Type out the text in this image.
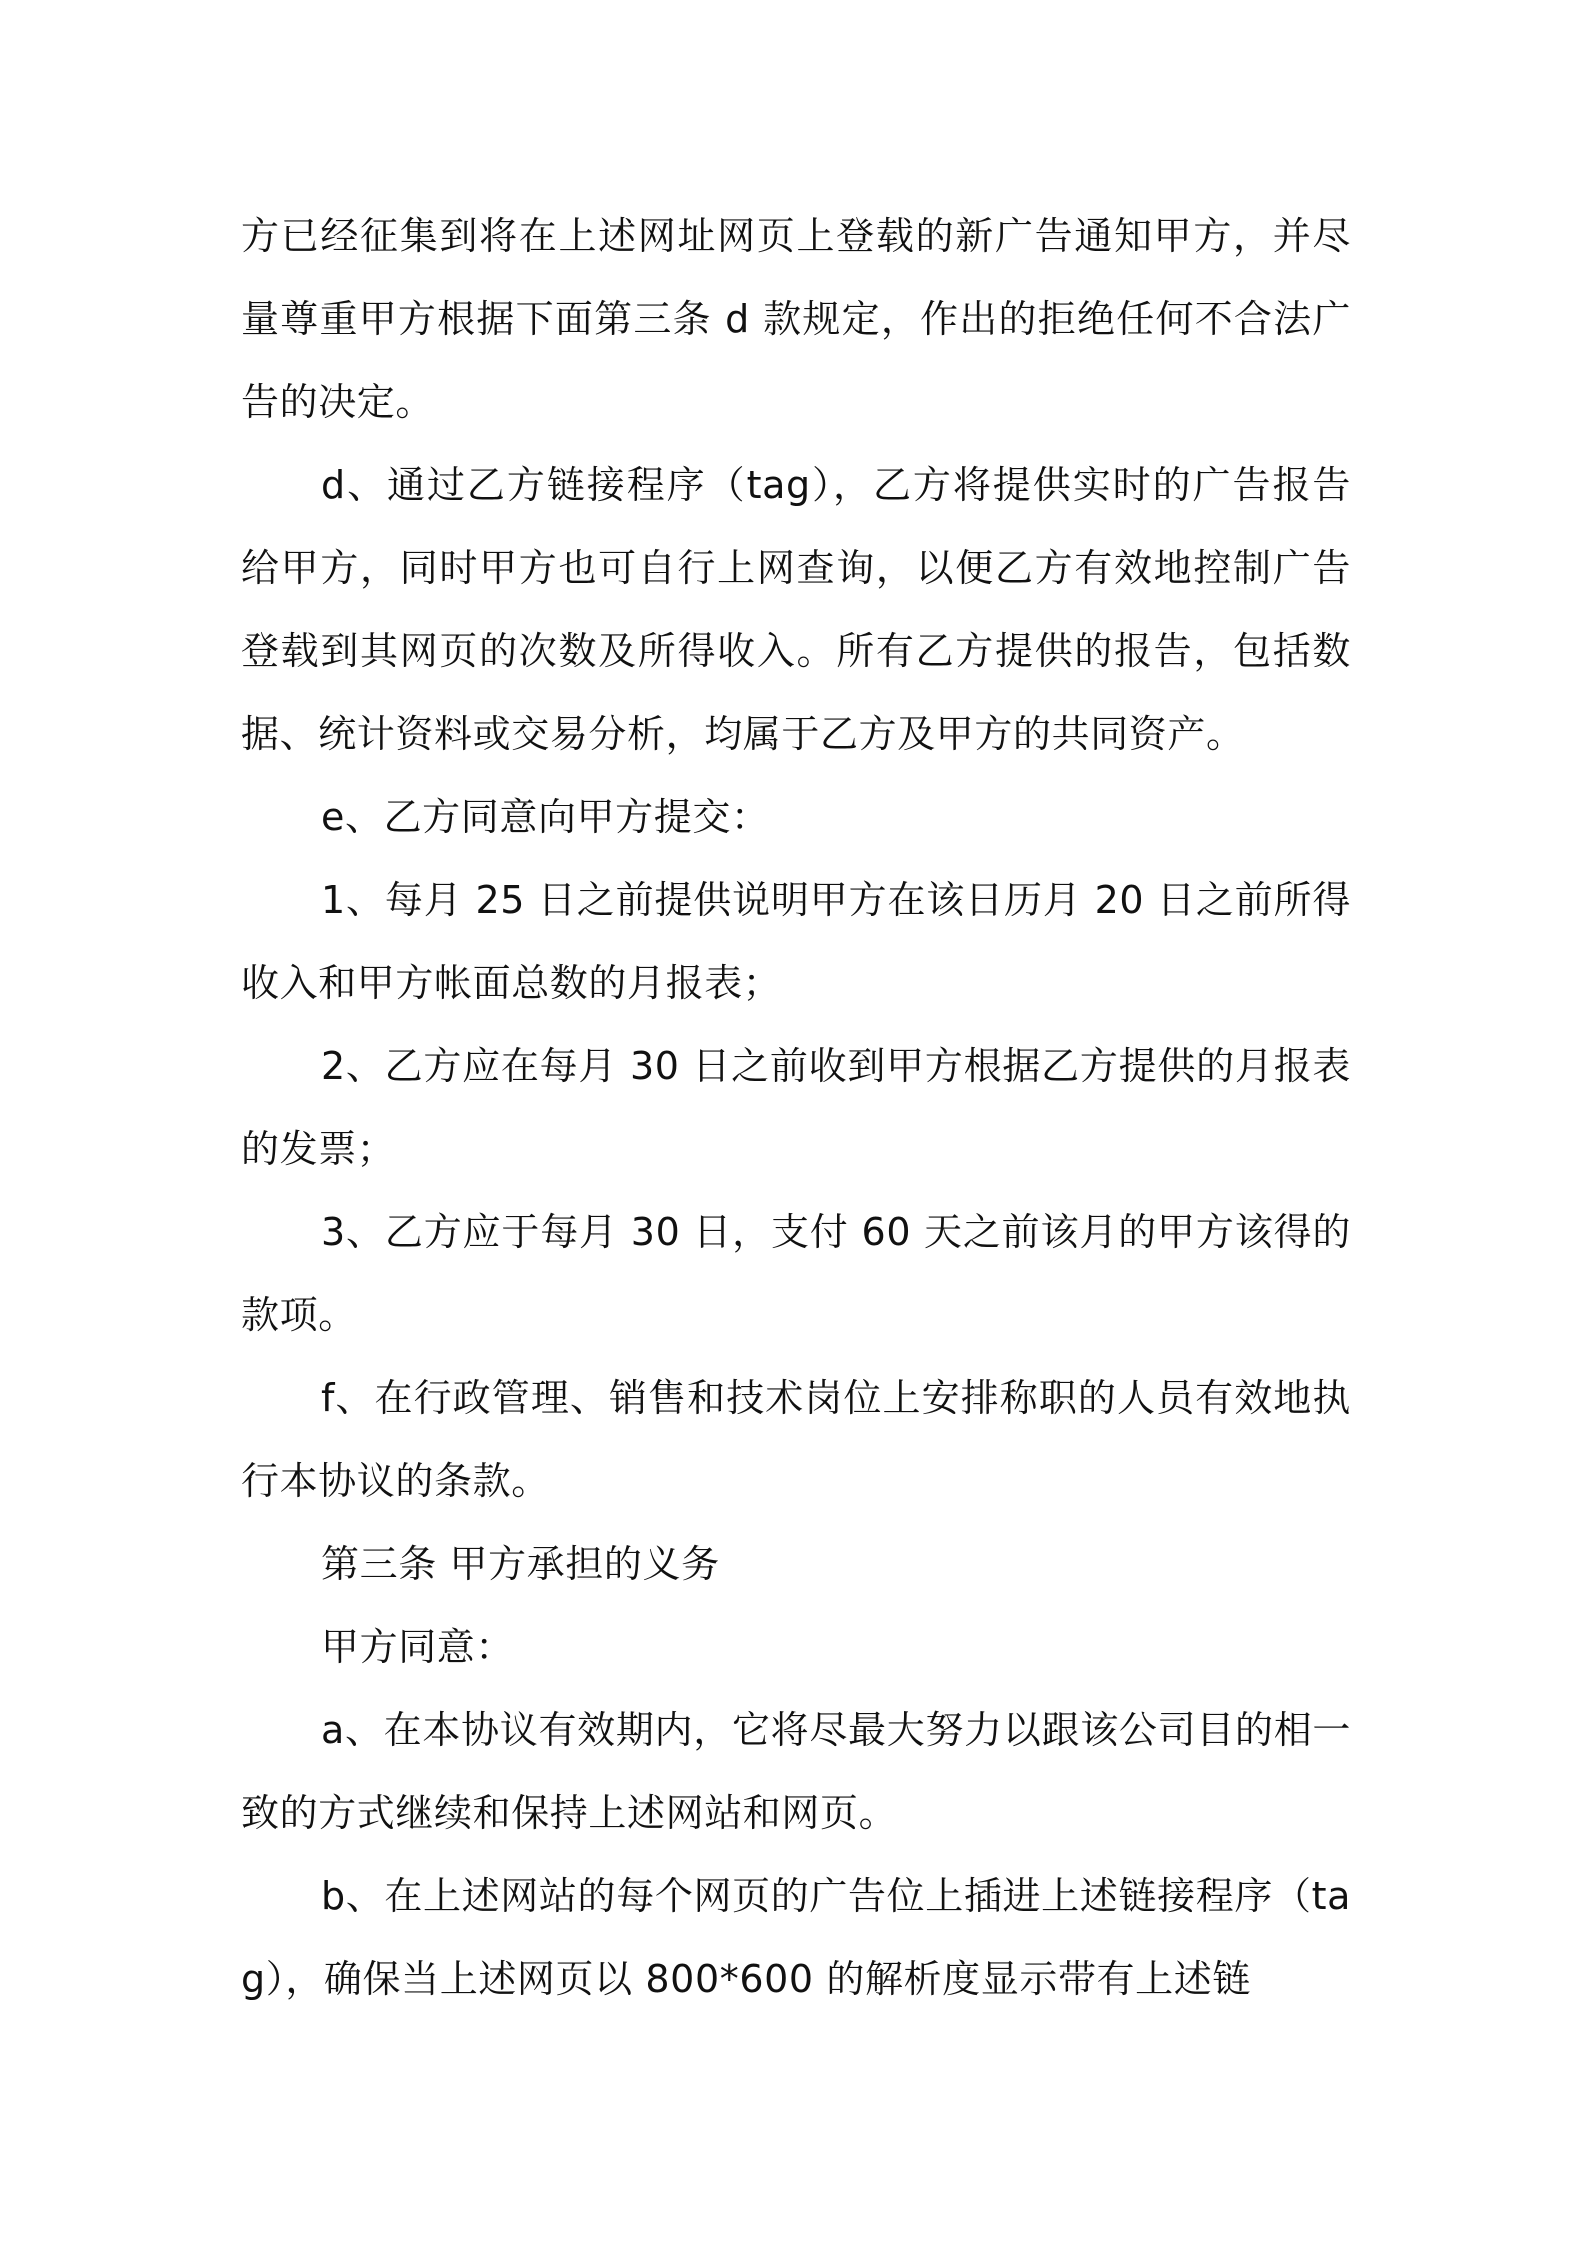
方已经征集到将在上述网址网页上登载的新广告通知甲方，并尽量尊重甲方根据下面第三条 d 款规定，作出的拒绝任何不合法广告的决定。

d、通过乙方链接程序（tag），乙方将提供实时的广告报告给甲方，同时甲方也可自行上网查询，以便乙方有效地控制广告登载到其网页的次数及所得收入。所有乙方提供的报告，包括数据、统计资料或交易分析，均属于乙方及甲方的共同资产。

e、乙方同意向甲方提交：

1、每月 25 日之前提供说明甲方在该日历月 20 日之前所得收入和甲方帐面总数的月报表；

2、乙方应在每月 30 日之前收到甲方根据乙方提供的月报表的发票；

3、乙方应于每月 30 日，支付 60 天之前该月的甲方该得的款项。

f、在行政管理、销售和技术岗位上安排称职的人员有效地执行本协议的条款。

第三条 甲方承担的义务

甲方同意：

a、在本协议有效期内，它将尽最大努力以跟该公司目的相一致的方式继续和保持上述网站和网页。

b、在上述网站的每个网页的广告位上插进上述链接程序（tag），确保当上述网页以 800*600 的解析度显示带有上述链
